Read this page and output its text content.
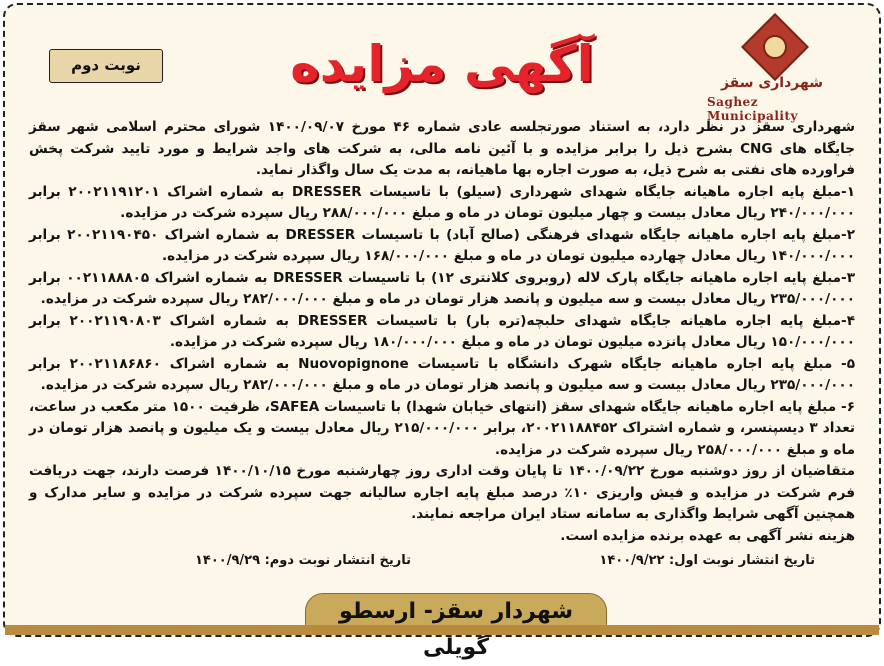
نوبت دوم	آگهی مزایده	شهرداری سقز
Saghez Municipality

شهرداری سقز در نظر دارد، به استناد صورتجلسه عادی شماره ۴۶ مورخ ۱۴۰۰/۰۹/۰۷ شورای محترم اسلامی شهر سقز جایگاه های CNG بشرح ذیل را برابر مزایده و با آئین نامه مالی، به شرکت های واجد شرایط و مورد تایید شرکت پخش فراورده های نفتی به شرح ذیل، به صورت اجاره بها ماهیانه، به مدت یک سال واگذار نماید.

۱-مبلغ پایه اجاره ماهیانه جایگاه شهدای شهرداری (سیلو) با تاسیسات DRESSER به شماره اشراک ۲۰۰۲۱۱۹۱۲۰۱ برابر ۲۴۰/۰۰۰/۰۰۰ ریال معادل بیست و چهار میلیون تومان در ماه و مبلغ ۲۸۸/۰۰۰/۰۰۰ ریال سپرده شرکت در مزایده.

۲-مبلغ پایه اجاره ماهیانه جایگاه شهدای فرهنگی (صالح آباد) با تاسیسات DRESSER به شماره اشراک ۲۰۰۲۱۱۹۰۴۵۰ برابر ۱۴۰/۰۰۰/۰۰۰ ریال معادل چهارده میلیون تومان در ماه و مبلغ ۱۶۸/۰۰۰/۰۰۰ ریال سپرده شرکت در مزایده.

۳-مبلغ پایه اجاره ماهیانه جایگاه پارک لاله (روبروی کلانتری ۱۲) با تاسیسات DRESSER به شماره اشراک ۰۰۲۱۱۸۸۸۰۵ برابر ۲۳۵/۰۰۰/۰۰۰ ریال معادل بیست و سه میلیون و پانصد هزار تومان در ماه و مبلغ ۲۸۲/۰۰۰/۰۰۰ ریال سپرده شرکت در مزایده.

۴-مبلغ پایه اجاره ماهیانه جایگاه شهدای حلبچه(تره بار) با تاسیسات DRESSER به شماره اشراک ۲۰۰۲۱۱۹۰۸۰۳ برابر ۱۵۰/۰۰۰/۰۰۰ ریال معادل پانزده میلیون تومان در ماه و مبلغ ۱۸۰/۰۰۰/۰۰۰ ریال سپرده شرکت در مزایده.

۵- مبلغ پایه اجاره ماهیانه جایگاه شهرک دانشگاه با تاسیسات Nuovopignone به شماره اشراک ۲۰۰۲۱۱۸۶۸۶۰ برابر ۲۳۵/۰۰۰/۰۰۰ ریال معادل بیست و سه میلیون و پانصد هزار تومان در ماه و مبلغ ۲۸۲/۰۰۰/۰۰۰ ریال سپرده شرکت در مزایده.

۶- مبلغ پایه اجاره ماهیانه جایگاه شهدای سقز (انتهای خیابان شهدا) با تاسیسات SAFEA، ظرفیت ۱۵۰۰ متر مکعب در ساعت، تعداد ۳ دیسپنسر، و شماره اشتراک ۲۰۰۲۱۱۸۸۴۵۲، برابر ۲۱۵/۰۰۰/۰۰۰ ریال معادل بیست و یک میلیون و پانصد هزار تومان در ماه و مبلغ ۲۵۸/۰۰۰/۰۰۰ ریال سپرده شرکت در مزایده.

متقاضیان از روز دوشنبه مورخ ۱۴۰۰/۰۹/۲۲ تا پایان وقت اداری روز چهارشنبه مورخ ۱۴۰۰/۱۰/۱۵ فرصت دارند، جهت دریافت فرم شرکت در مزایده و فیش واریزی ۱۰٪ درصد مبلغ پایه اجاره سالیانه جهت سپرده شرکت در مزایده و سایر مدارک و همچنین آگهی شرایط واگذاری به سامانه ستاد ایران مراجعه نمایند.

هزینه نشر آگهی به عهده برنده مزایده است.

تاریخ انتشار نوبت اول: ۱۴۰۰/۹/۲۲
تاریخ انتشار نوبت دوم: ۱۴۰۰/۹/۲۹
شهردار سقز- ارسطو گویلی
